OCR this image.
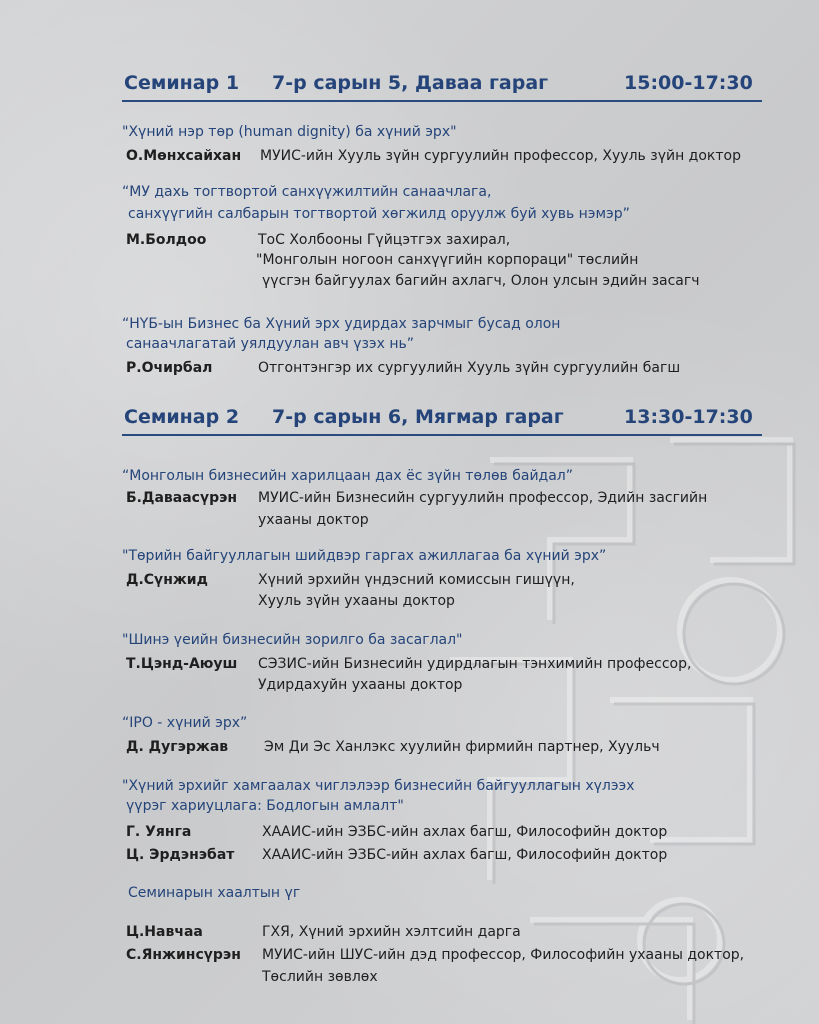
Семинар 1 7-р сарын 5, Даваа гараг	15:00-17:30
"Хүний нэр төр (human dignity) ба хүний эрх"
О.Мөнхсайхан МУИС-ийн Хууль зүйн сургуулийн профессор, Хууль зүйн доктор
“МУ дахь тогтвортой санхүүжилтийн санаачлага,
санхүүгийн салбарын тогтвортой хөгжилд оруулж буй хувь нэмэр”
М.Болдоо	ТоС Холбооны Гүйцэтгэх захирал,
"Монголын ногоон санхүүгийн корпораци" төслийн
үүсгэн байгуулах багийн ахлагч, Олон улсын эдийн засагч
“НҮБ-ын Бизнес ба Хүний эрх удирдах зарчмыг бусад олон
санаачлагатай уялдуулан авч үзэх нь”
Р.Очирбал	Отгонтэнгэр их сургуулийн Хууль зүйн сургуулийн багш
Семинар 2 7-р сарын 6, Мягмар гараг	13:30-17:30
“Монголын бизнесийн харилцаан дах ёс зүйн төлөв байдал”
Б.Даваасүрэн МУИС-ийн Бизнесийн сургуулийн профессор, Эдийн засгийн
ухааны доктор
"Төрийн байгууллагын шийдвэр гаргах ажиллагаа ба хүний эрх”
Д.Сүнжид	Хүний эрхийн үндэсний комиссын гишүүн,
Хууль зүйн ухааны доктор
"Шинэ үеийн бизнесийн зорилго ба засаглал"
Т.Цэнд-Аюуш СЭЗИС-ийн Бизнесийн удирдлагын тэнхимийн профессор,
Удирдахуйн ухааны доктор
“IPO - хүний эрх”
Д. Дугэржав	Эм Ди Эс Ханлэкс хуулийн фирмийн партнер, Хуульч
"Хүний эрхийг хамгаалах чиглэлээр бизнесийн байгууллагын хүлээх
үүрэг хариуцлага: Бодлогын амлалт"
Г. Уянга	ХААИС-ийн ЭЗБС-ийн ахлах багш, Философийн доктор
Ц. Эрдэнэбат ХААИС-ийн ЭЗБС-ийн ахлах багш, Философийн доктор
Семинарын хаалтын үг
Ц.Навчаа	ГХЯ, Хүний эрхийн хэлтсийн дарга
С.Янжинсүрэн МУИС-ийн ШУС-ийн дэд профессор, Философийн ухааны доктор,
Төслийн зөвлөх
